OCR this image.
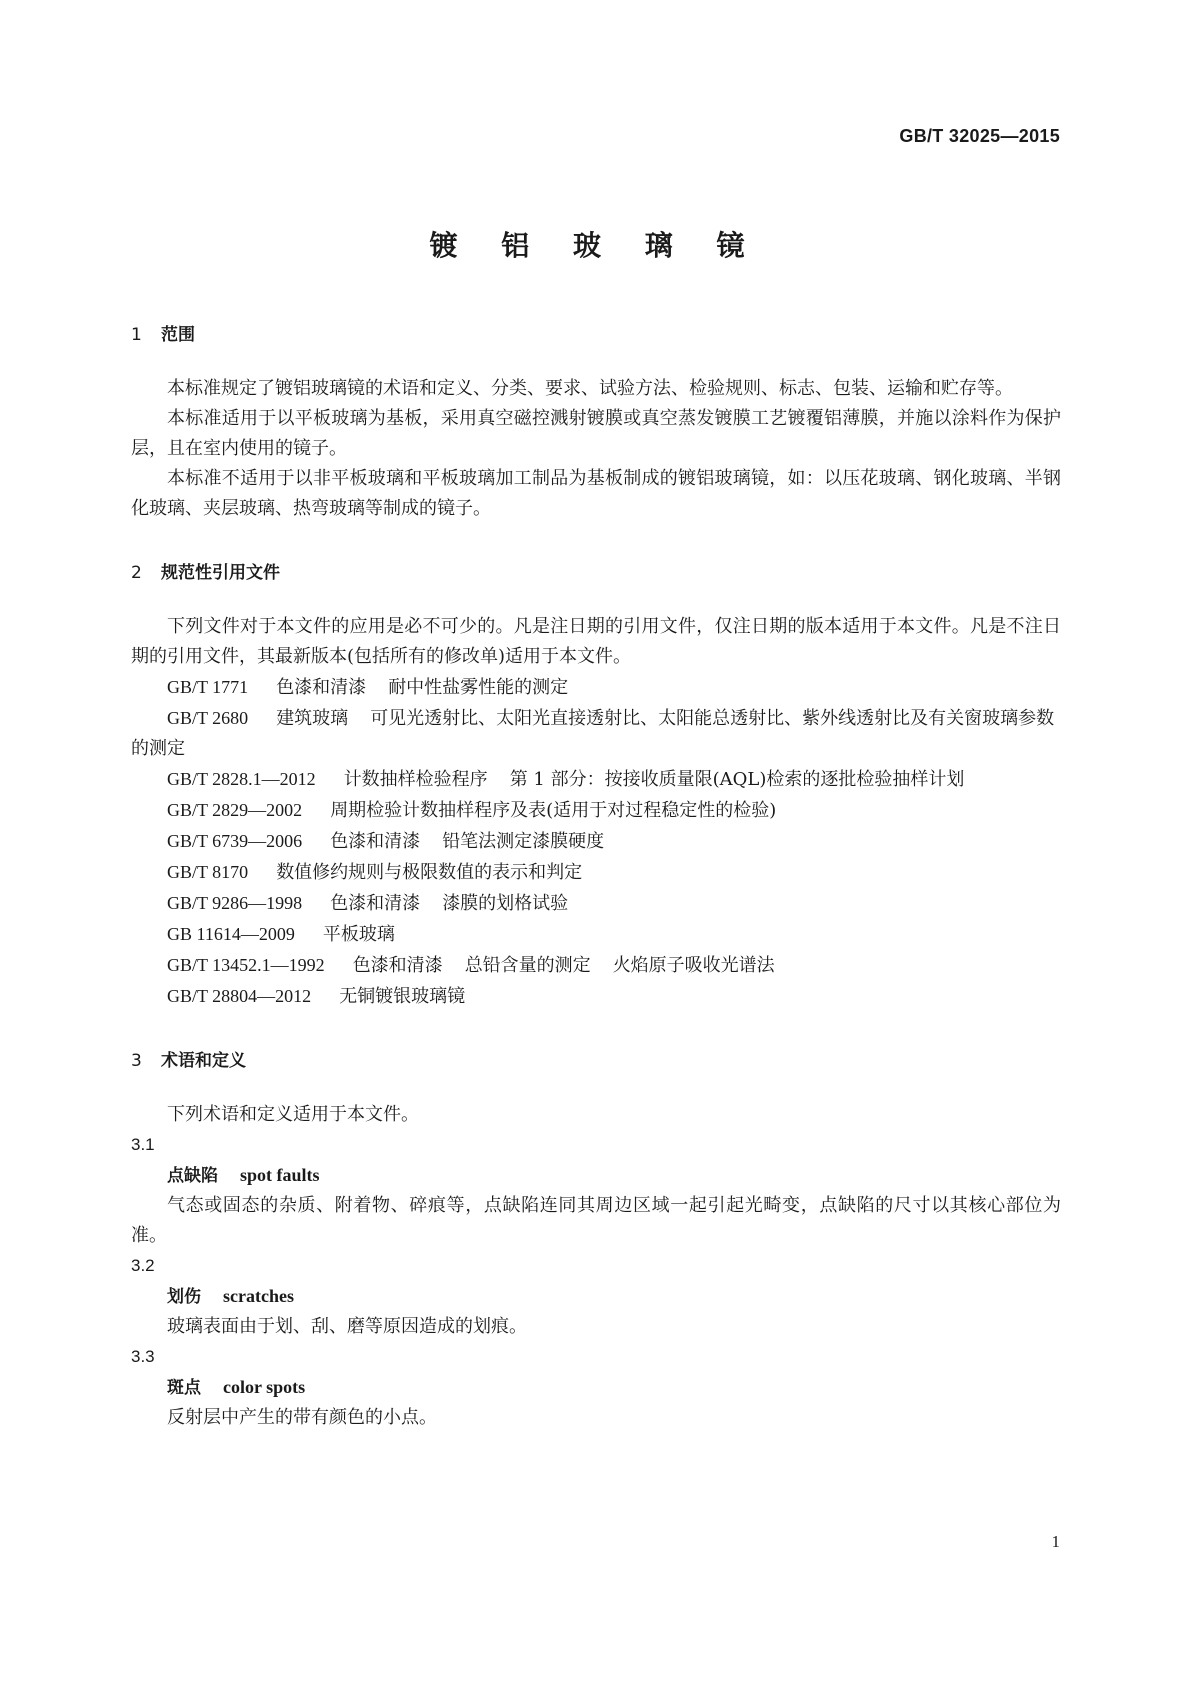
GB/T 32025—2015
镀 铝 玻 璃 镜
1 范围

本标准规定了镀铝玻璃镜的术语和定义、分类、要求、试验方法、检验规则、标志、包装、运输和贮存等。

本标准适用于以平板玻璃为基板，采用真空磁控溅射镀膜或真空蒸发镀膜工艺镀覆铝薄膜，并施以涂料作为保护层，且在室内使用的镜子。

本标准不适用于以非平板玻璃和平板玻璃加工制品为基板制成的镀铝玻璃镜，如：以压花玻璃、钢化玻璃、半钢化玻璃、夹层玻璃、热弯玻璃等制成的镜子。

2 规范性引用文件

下列文件对于本文件的应用是必不可少的。凡是注日期的引用文件，仅注日期的版本适用于本文件。凡是不注日期的引用文件，其最新版本(包括所有的修改单)适用于本文件。

GB/T 1771 色漆和清漆 耐中性盐雾性能的测定

GB/T 2680 建筑玻璃 可见光透射比、太阳光直接透射比、太阳能总透射比、紫外线透射比及有关窗玻璃参数的测定

GB/T 2828.1—2012 计数抽样检验程序 第 1 部分：按接收质量限(AQL)检索的逐批检验抽样计划

GB/T 2829—2002 周期检验计数抽样程序及表(适用于对过程稳定性的检验)

GB/T 6739—2006 色漆和清漆 铅笔法测定漆膜硬度

GB/T 8170 数值修约规则与极限数值的表示和判定

GB/T 9286—1998 色漆和清漆 漆膜的划格试验

GB 11614—2009 平板玻璃

GB/T 13452.1—1992 色漆和清漆 总铅含量的测定 火焰原子吸收光谱法

GB/T 28804—2012 无铜镀银玻璃镜

3 术语和定义

下列术语和定义适用于本文件。

3.1

点缺陷 spot faults

气态或固态的杂质、附着物、碎痕等，点缺陷连同其周边区域一起引起光畸变，点缺陷的尺寸以其核心部位为准。

3.2

划伤 scratches

玻璃表面由于划、刮、磨等原因造成的划痕。

3.3

斑点 color spots

反射层中产生的带有颜色的小点。

1
